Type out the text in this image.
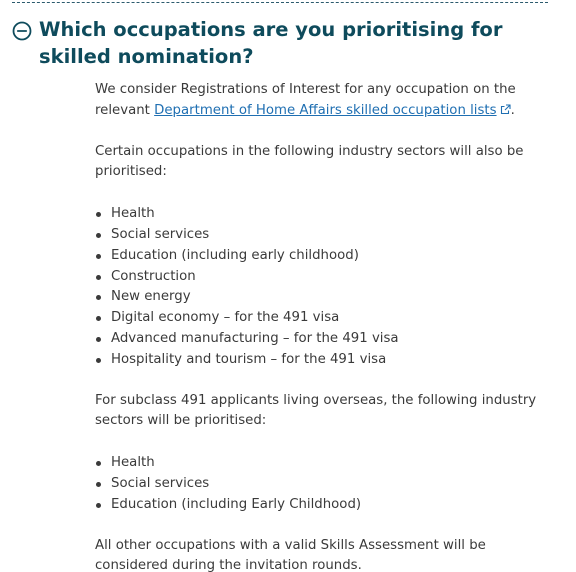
Which occupations are you prioritising for skilled nomination?

We consider Registrations of Interest for any occupation on the relevant Department of Home Affairs skilled occupation lists .

Certain occupations in the following industry sectors will also be prioritised:

Health
Social services
Education (including early childhood)
Construction
New energy
Digital economy – for the 491 visa
Advanced manufacturing – for the 491 visa
Hospitality and tourism – for the 491 visa

For subclass 491 applicants living overseas, the following industry sectors will be prioritised:

Health
Social services
Education (including Early Childhood)

All other occupations with a valid Skills Assessment will be considered during the invitation rounds.
